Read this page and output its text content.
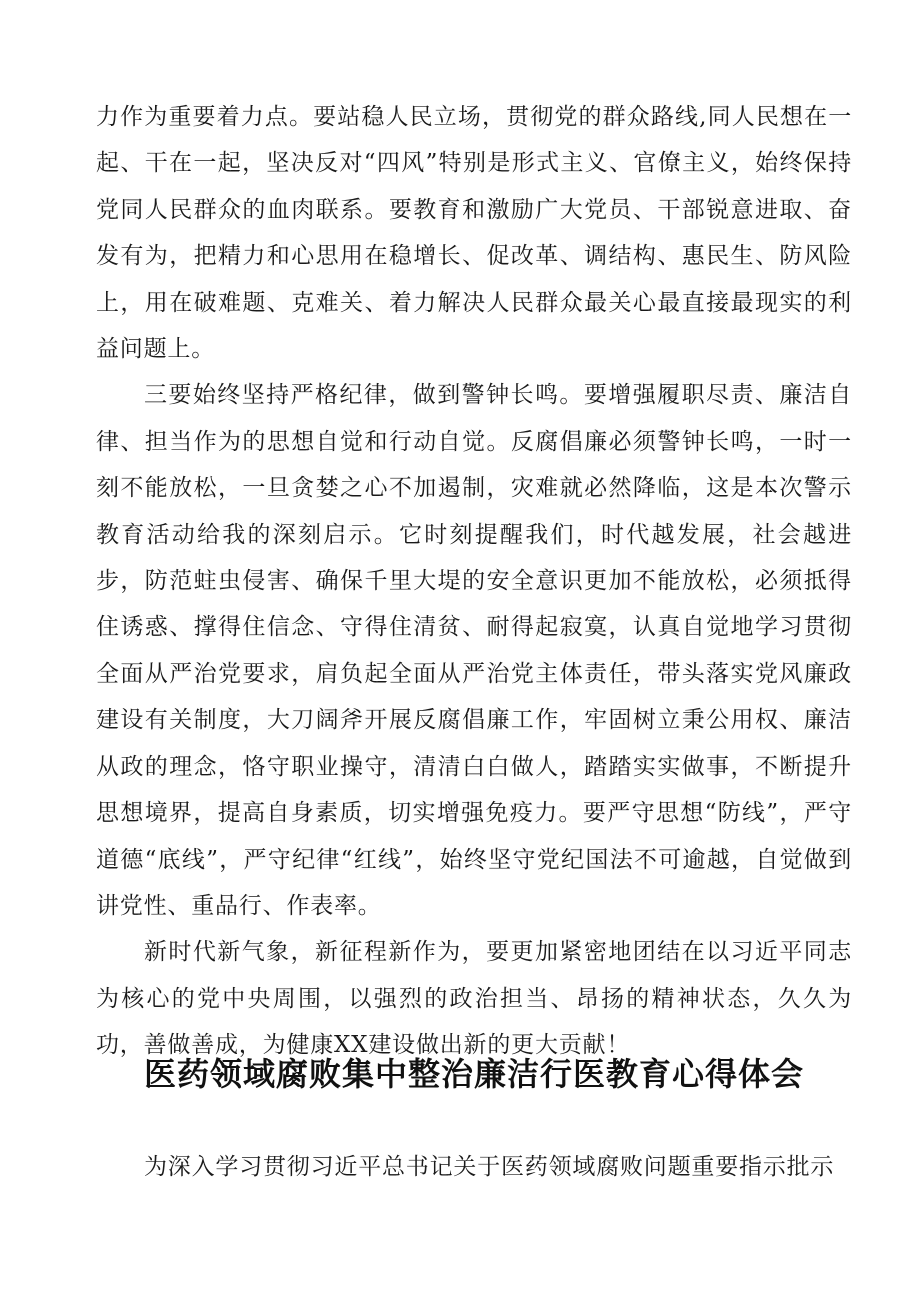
力作为重要着力点。要站稳人民立场，贯彻党的群众路线,同人民想在一起、干在一起，坚决反对“四风”特别是形式主义、官僚主义，始终保持党同人民群众的血肉联系。要教育和激励广大党员、干部锐意进取、奋发有为，把精力和心思用在稳增长、促改革、调结构、惠民生、防风险上，用在破难题、克难关、着力解决人民群众最关心最直接最现实的利益问题上。

三要始终坚持严格纪律，做到警钟长鸣。要增强履职尽责、廉洁自律、担当作为的思想自觉和行动自觉。反腐倡廉必须警钟长鸣，一时一刻不能放松，一旦贪婪之心不加遏制，灾难就必然降临，这是本次警示教育活动给我的深刻启示。它时刻提醒我们，时代越发展，社会越进步，防范蛀虫侵害、确保千里大堤的安全意识更加不能放松，必须抵得住诱惑、撑得住信念、守得住清贫、耐得起寂寞，认真自觉地学习贯彻全面从严治党要求，肩负起全面从严治党主体责任，带头落实党风廉政建设有关制度，大刀阔斧开展反腐倡廉工作，牢固树立秉公用权、廉洁从政的理念，恪守职业操守，清清白白做人，踏踏实实做事，不断提升思想境界，提高自身素质，切实增强免疫力。要严守思想“防线”，严守道德“底线”，严守纪律“红线”，始终坚守党纪国法不可逾越，自觉做到讲党性、重品行、作表率。

新时代新气象，新征程新作为，要更加紧密地团结在以习近平同志为核心的党中央周围，以强烈的政治担当、昂扬的精神状态，久久为功，善做善成，为健康XX建设做出新的更大贡献！

医药领域腐败集中整治廉洁行医教育心得体会

为深入学习贯彻习近平总书记关于医药领域腐败问题重要指示批示
